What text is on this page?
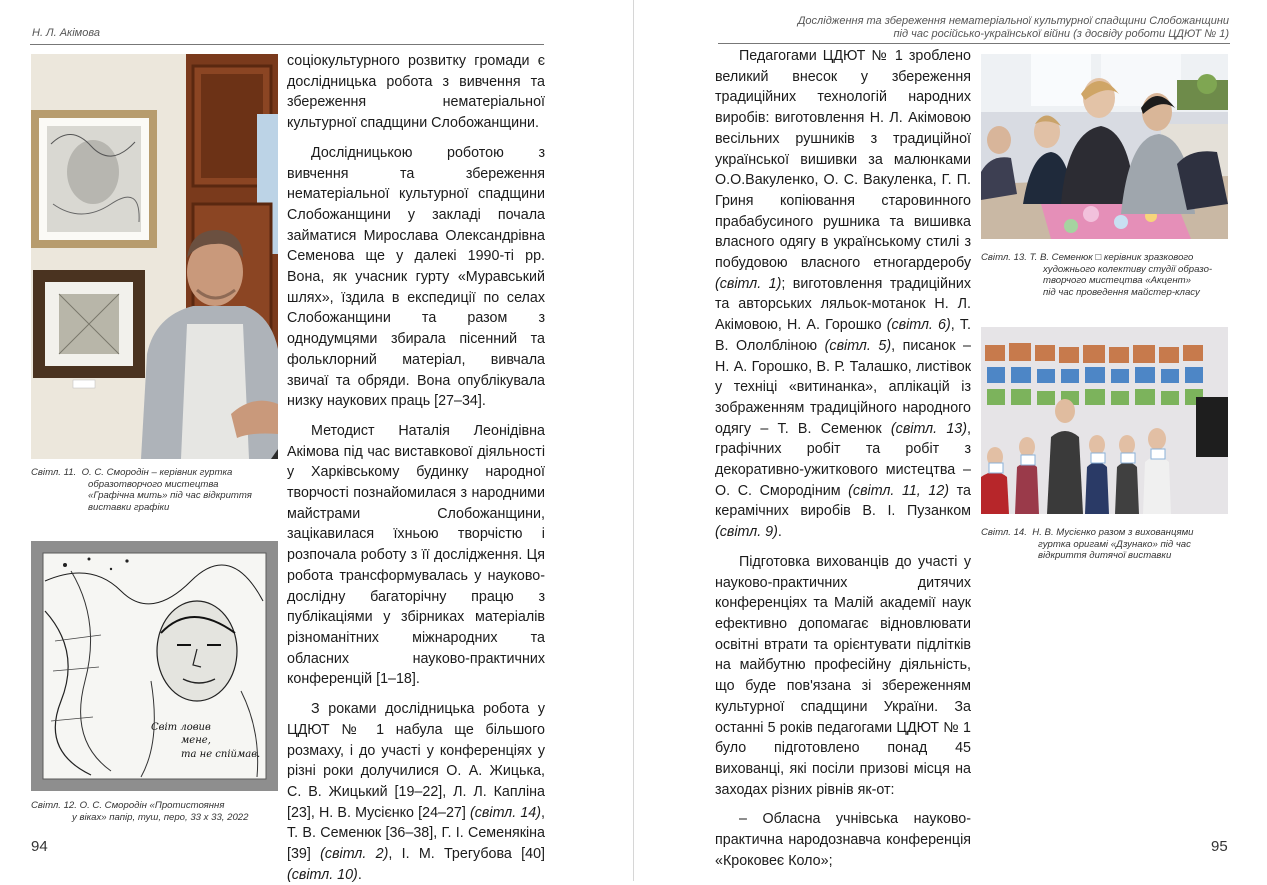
Н. Л. Акімова
Світл. 11. О. С. Смородін – керівник гуртка
образотворчого мистецтва
«Графічна мить» під час відкриття
виставки графіки
Світ ловив
мене,
та не спіймав.
Світл. 12. О. С. Смородін «Протистояння
у віках» папір, туш, перо, 33 х 33, 2022

соціокультурного розвитку громади є дослідницька робота з вивчення та збереження нематеріальної культурної спадщини Слобожанщини.

Дослідницькою роботою з вивчення та збереження нематеріальної культурної спадщини Слобожанщини у закладі почала займатися Мирослава Олександрівна Семенова ще у далекі 1990-ті рр. Вона, як учасник гурту «Муравський шлях», їздила в експедиції по селах Слобожанщини та разом з однодумцями збирала пісенний та фольклорний матеріал, вивчала звичаї та обряди. Вона опублікувала низку наукових праць [27–34].

Методист Наталія Леонідівна Акімова під час виставкової діяльності у Харківському будинку народної творчості познайомилася з народними майстрами Слобожанщини, зацікавилася їхньою творчістю і розпочала роботу з її дослідження. Ця робота трансформувалась у науково-дослідну багаторічну працю з публікаціями у збірниках матеріалів різноманітних міжнародних та обласних науково-практичних конференцій [1–18].

З роками дослідницька робота у ЦДЮТ № 1 набула ще більшого розмаху, і до участі у конференціях у різні роки долучилися О. А. Жицька, С. В. Жицький [19–22], Л. Л. Капліна [23], Н. В. Мусієнко [24–27] (світл. 14), Т. В. Семенюк [36–38], Г. І. Семенякіна [39] (світл. 2), І. М. Трегубова [40] (світл. 10).

94
Дослідження та збереження нематеріальної культурної спадщини Слобожанщини
під час російсько-української війни (з досвіду роботи ЦДЮТ № 1)

Педагогами ЦДЮТ № 1 зроблено великий внесок у збереження традиційних технологій народних виробів: виготовлення Н. Л. Акімовою весільних рушників з традиційної української вишивки за малюнками О.О.Вакуленко, О. С. Вакуленка, Г. П. Гриня копіювання старовинного прабабусиного рушника та вишивка власного одягу в українському стилі з побудовою власного етногардеробу (світл. 1); виготовлення традиційних та авторських ляльок-мотанок Н. Л. Акімовою, Н. А. Горошко (світл. 6), Т. В. Ололбліною (світл. 5), писанок – Н. А. Горошко, В. Р. Талашко, листівок у техніці «витинанка», аплікацій із зображенням традиційного народного одягу – Т. В. Семенюк (світл. 13), графічних робіт та робіт з декоративно-ужиткового мистецтва – О. С. Смородіним (світл. 11, 12) та керамічних виробів В. І. Пузанком (світл. 9).

Підготовка вихованців до участі у науково-практичних дитячих конференціях та Малій академії наук ефективно допомагає відновлювати освітні втрати та орієнтувати підлітків на майбутню професійну діяльність, що буде пов'язана зі збереженням культурної спадщини України. За останні 5 років педагогами ЦДЮТ № 1 було підготовлено понад 45 вихованці, які посіли призові місця на заходах різних рівнів як-от:

– Обласна учнівська науково-практична народознавча конференція «Кроковеє Коло»;

Світл. 13. Т. В. Семенюк □ керівник зразкового
художнього колективу студії образо-
творчого мистецтва «Акцент»
під час проведення майстер-класу
Світл. 14. Н. В. Мусієнко разом з вихованцями
гуртка оригамі «Дзунако» під час
відкриття дитячої виставки
95
